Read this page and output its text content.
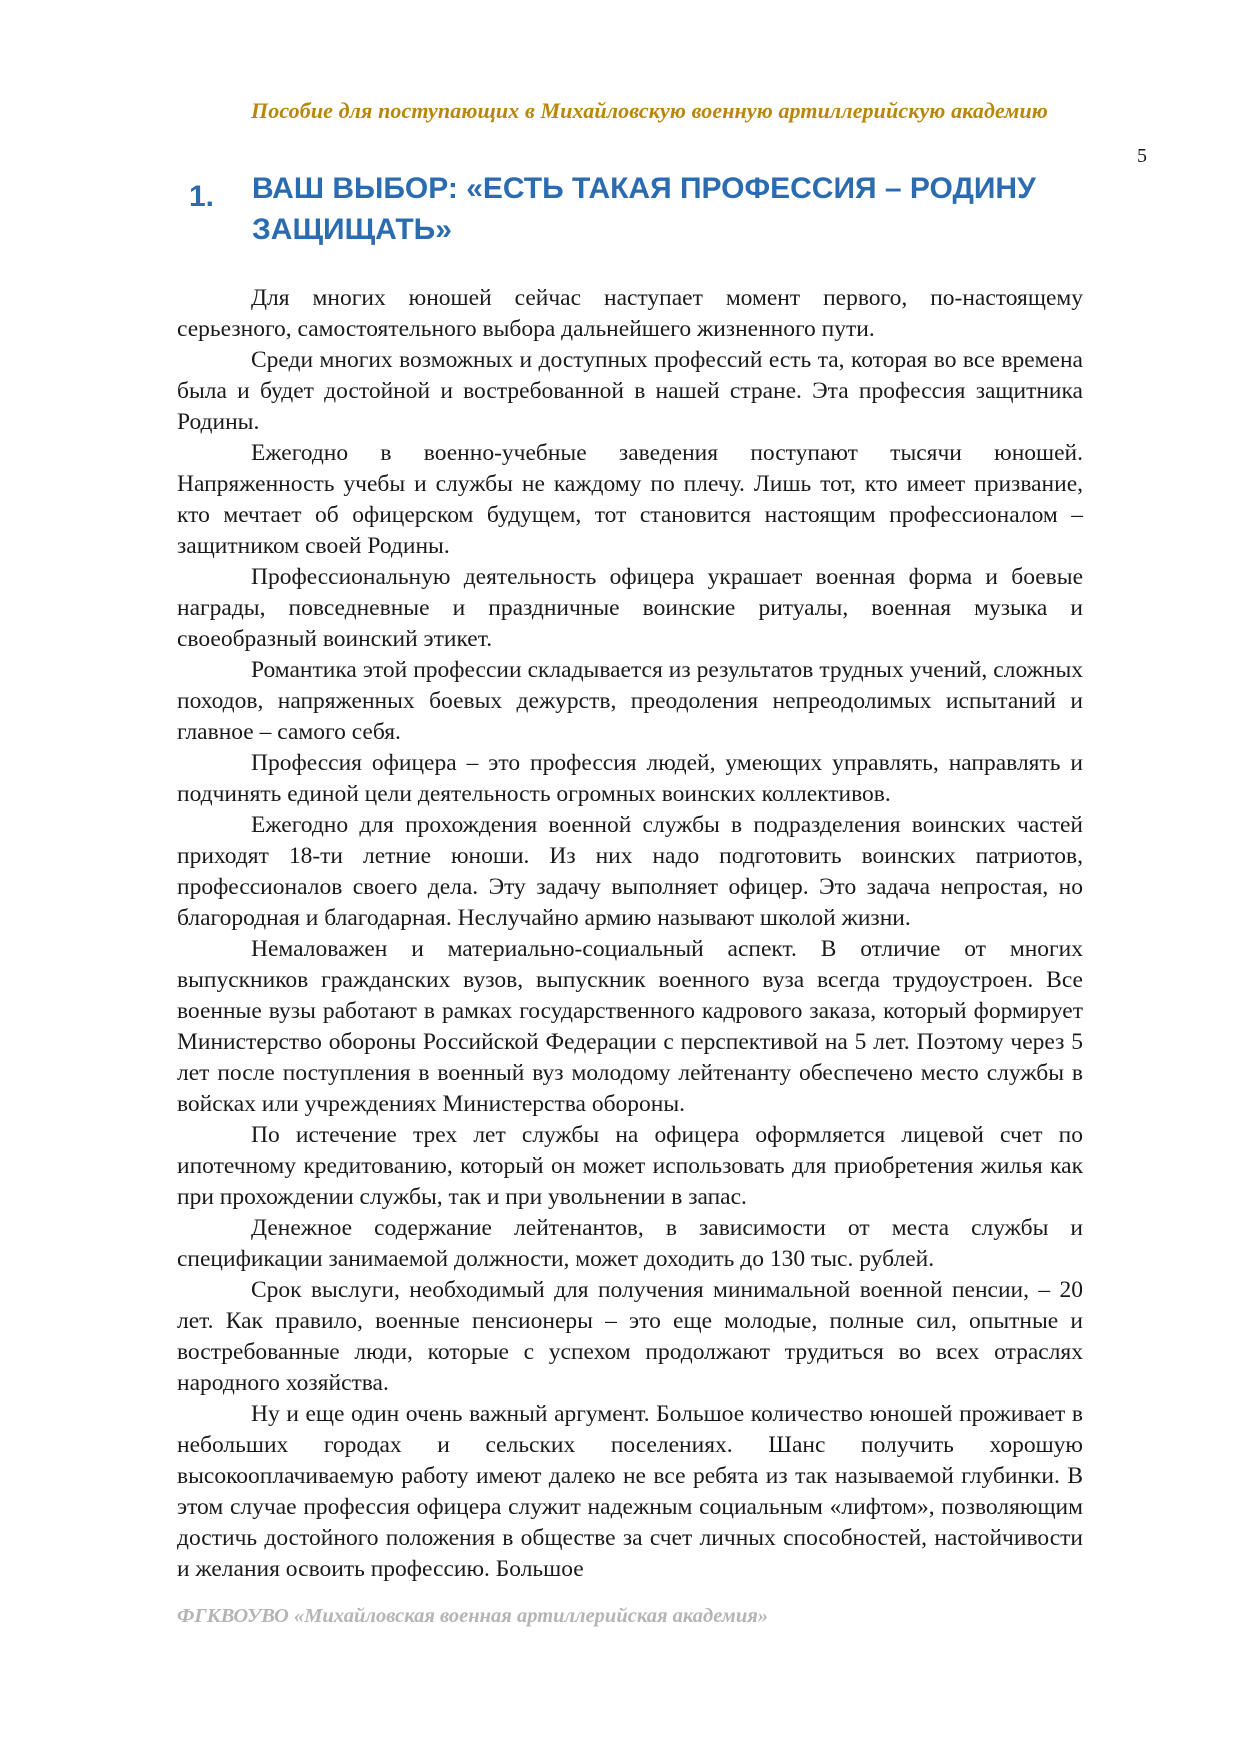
Пособие для поступающих в Михайловскую военную артиллерийскую академию
5
1.	ВАШ ВЫБОР: «ЕСТЬ ТАКАЯ ПРОФЕССИЯ – РОДИНУ ЗАЩИЩАТЬ»

Для многих юношей сейчас наступает момент первого, по-настоящему серьезного, самостоятельного выбора дальнейшего жизненного пути.

Среди многих возможных и доступных профессий есть та, которая во все времена была и будет достойной и востребованной в нашей стране. Эта профессия защитника Родины.

Ежегодно в военно-учебные заведения поступают тысячи юношей. Напряженность учебы и службы не каждому по плечу. Лишь тот, кто имеет призвание, кто мечтает об офицерском будущем, тот становится настоящим профессионалом – защитником своей Родины.

Профессиональную деятельность офицера украшает военная форма и боевые награды, повседневные и праздничные воинские ритуалы, военная музыка и своеобразный воинский этикет.

Романтика этой профессии складывается из результатов трудных учений, сложных походов, напряженных боевых дежурств, преодоления непреодолимых испытаний и главное – самого себя.

Профессия офицера – это профессия людей, умеющих управлять, направлять и подчинять единой цели деятельность огромных воинских коллективов.

Ежегодно для прохождения военной службы в подразделения воинских частей приходят 18-ти летние юноши. Из них надо подготовить воинских патриотов, профессионалов своего дела. Эту задачу выполняет офицер. Это задача непростая, но благородная и благодарная. Неслучайно армию называют школой жизни.

Немаловажен и материально-социальный аспект. В отличие от многих выпускников гражданских вузов, выпускник военного вуза всегда трудоустроен. Все военные вузы работают в рамках государственного кадрового заказа, который формирует Министерство обороны Российской Федерации с перспективой на 5 лет. Поэтому через 5 лет после поступления в военный вуз молодому лейтенанту обеспечено место службы в войсках или учреждениях Министерства обороны.

По истечение трех лет службы на офицера оформляется лицевой счет по ипотечному кредитованию, который он может использовать для приобретения жилья как при прохождении службы, так и при увольнении в запас.

Денежное содержание лейтенантов, в зависимости от места службы и спецификации занимаемой должности, может доходить до 130 тыс. рублей.

Срок выслуги, необходимый для получения минимальной военной пенсии, – 20 лет. Как правило, военные пенсионеры – это еще молодые, полные сил, опытные и востребованные люди, которые с успехом продолжают трудиться во всех отраслях народного хозяйства.

Ну и еще один очень важный аргумент. Большое количество юношей проживает в небольших городах и сельских поселениях. Шанс получить хорошую высокооплачиваемую работу имеют далеко не все ребята из так называемой глубинки. В этом случае профессия офицера служит надежным социальным «лифтом», позволяющим достичь достойного положения в обществе за счет личных способностей, настойчивости и желания освоить профессию. Большое

ФГКВОУВО «Михайловская военная артиллерийская академия»
